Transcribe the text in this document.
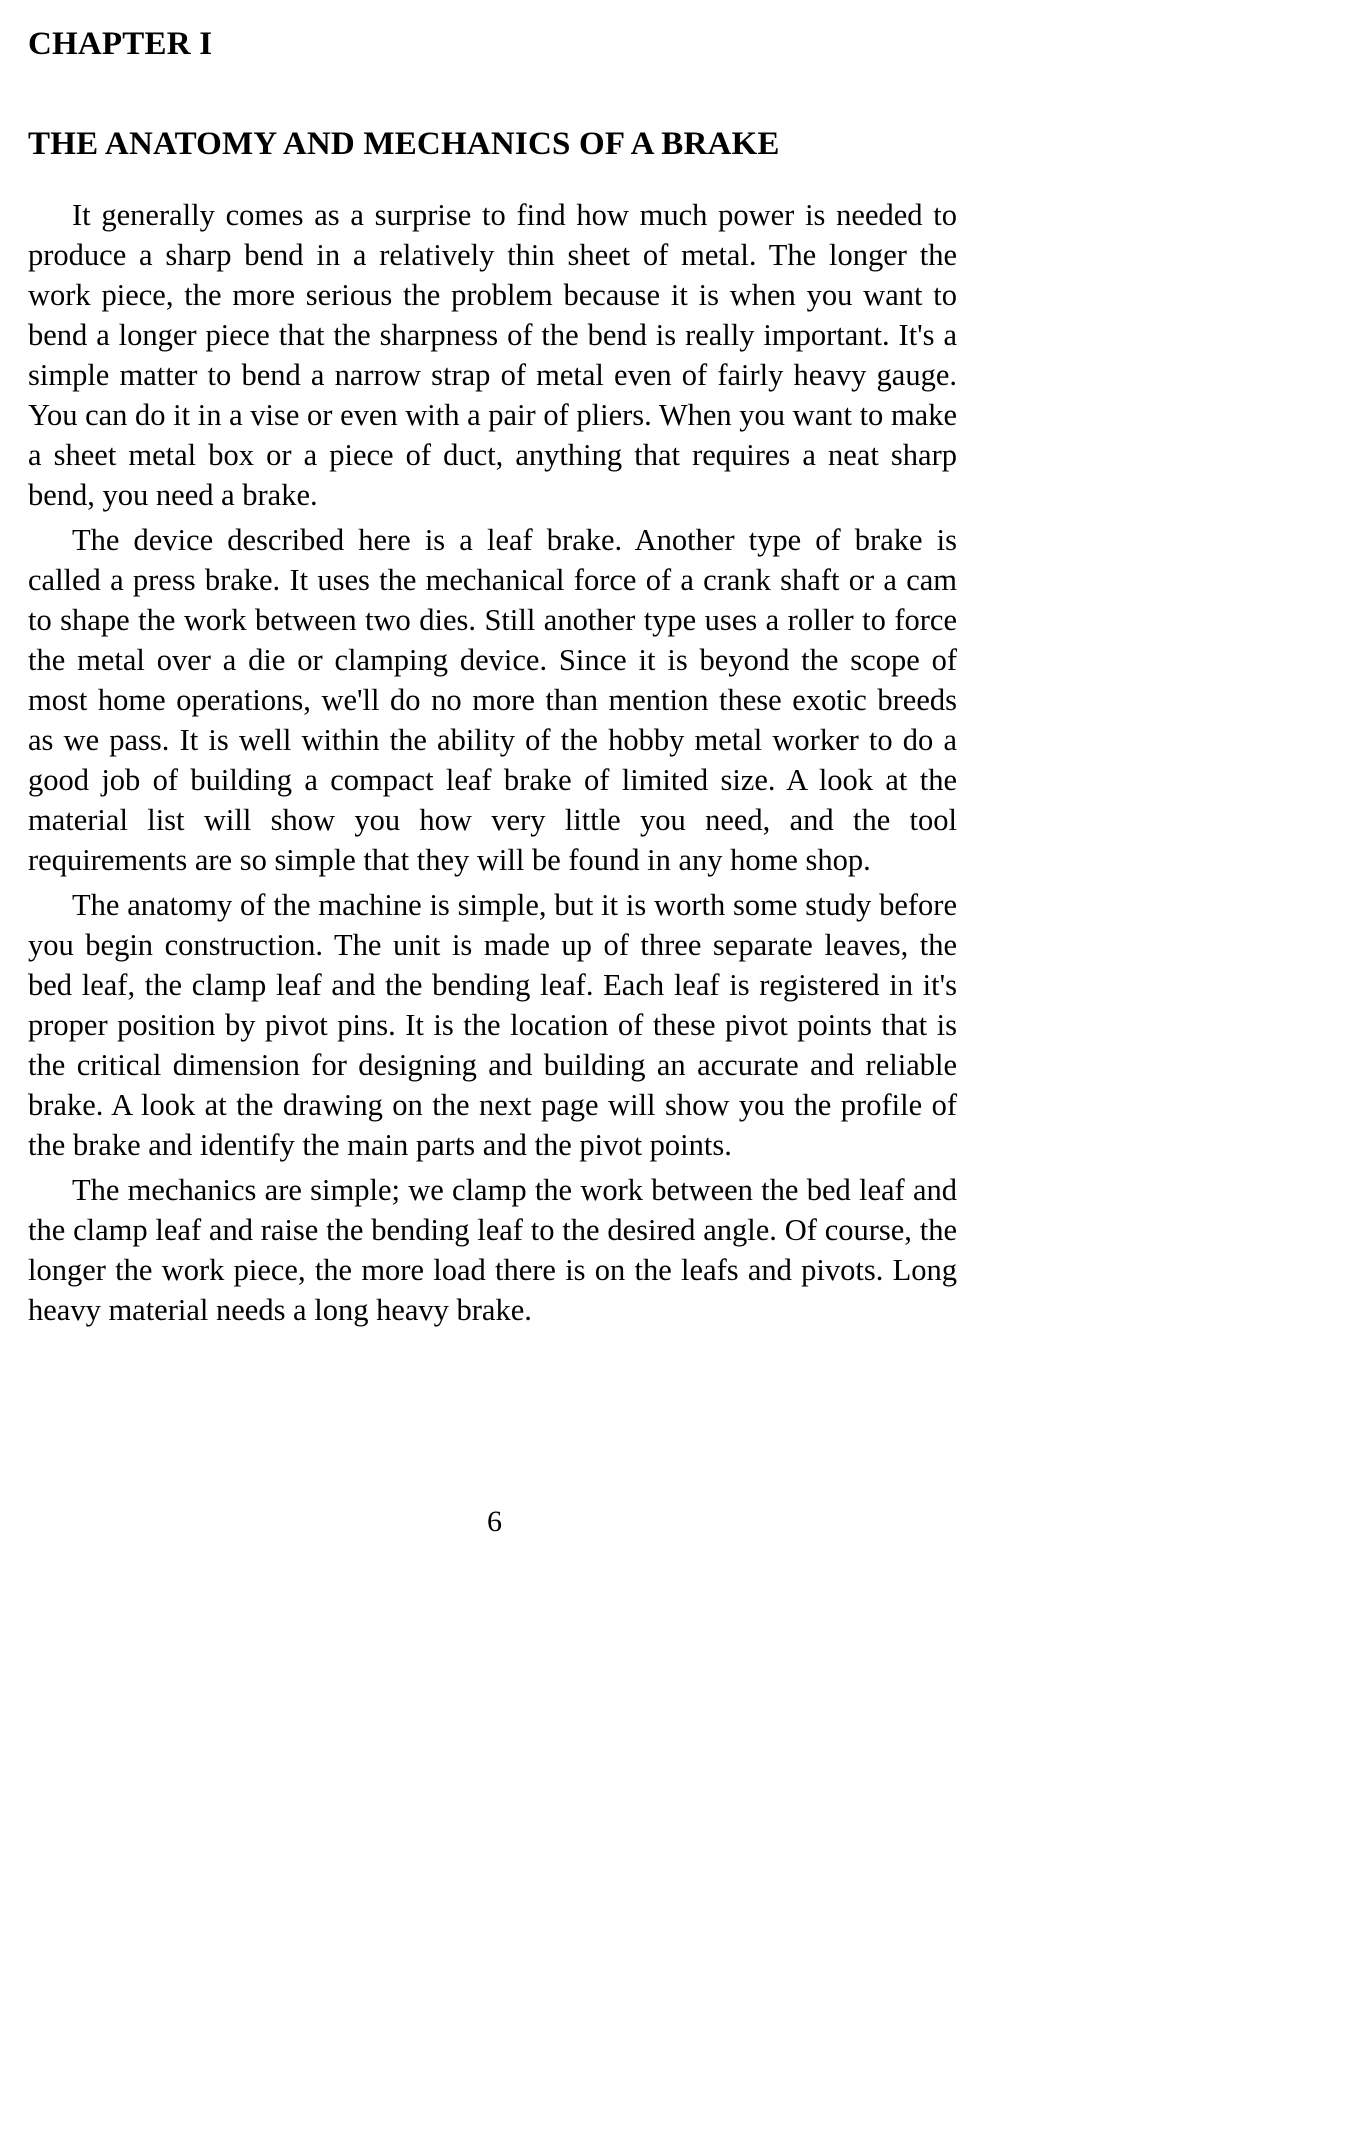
CHAPTER I
THE ANATOMY AND MECHANICS OF A BRAKE

It generally comes as a surprise to find how much power is needed to produce a sharp bend in a relatively thin sheet of metal. The longer the work piece, the more serious the problem because it is when you want to bend a longer piece that the sharpness of the bend is really important. It's a simple matter to bend a narrow strap of metal even of fairly heavy gauge. You can do it in a vise or even with a pair of pliers. When you want to make a sheet metal box or a piece of duct, anything that requires a neat sharp bend, you need a brake.

The device described here is a leaf brake. Another type of brake is called a press brake. It uses the mechanical force of a crank shaft or a cam to shape the work between two dies. Still another type uses a roller to force the metal over a die or clamping device. Since it is beyond the scope of most home operations, we'll do no more than mention these exotic breeds as we pass. It is well within the ability of the hobby metal worker to do a good job of building a compact leaf brake of limited size. A look at the material list will show you how very little you need, and the tool requirements are so simple that they will be found in any home shop.

The anatomy of the machine is simple, but it is worth some study before you begin construction. The unit is made up of three separate leaves, the bed leaf, the clamp leaf and the bending leaf. Each leaf is registered in it's proper position by pivot pins. It is the location of these pivot points that is the critical dimension for designing and building an accurate and reliable brake. A look at the drawing on the next page will show you the profile of the brake and identify the main parts and the pivot points.

The mechanics are simple; we clamp the work between the bed leaf and the clamp leaf and raise the bending leaf to the desired angle. Of course, the longer the work piece, the more load there is on the leafs and pivots. Long heavy material needs a long heavy brake.

6
